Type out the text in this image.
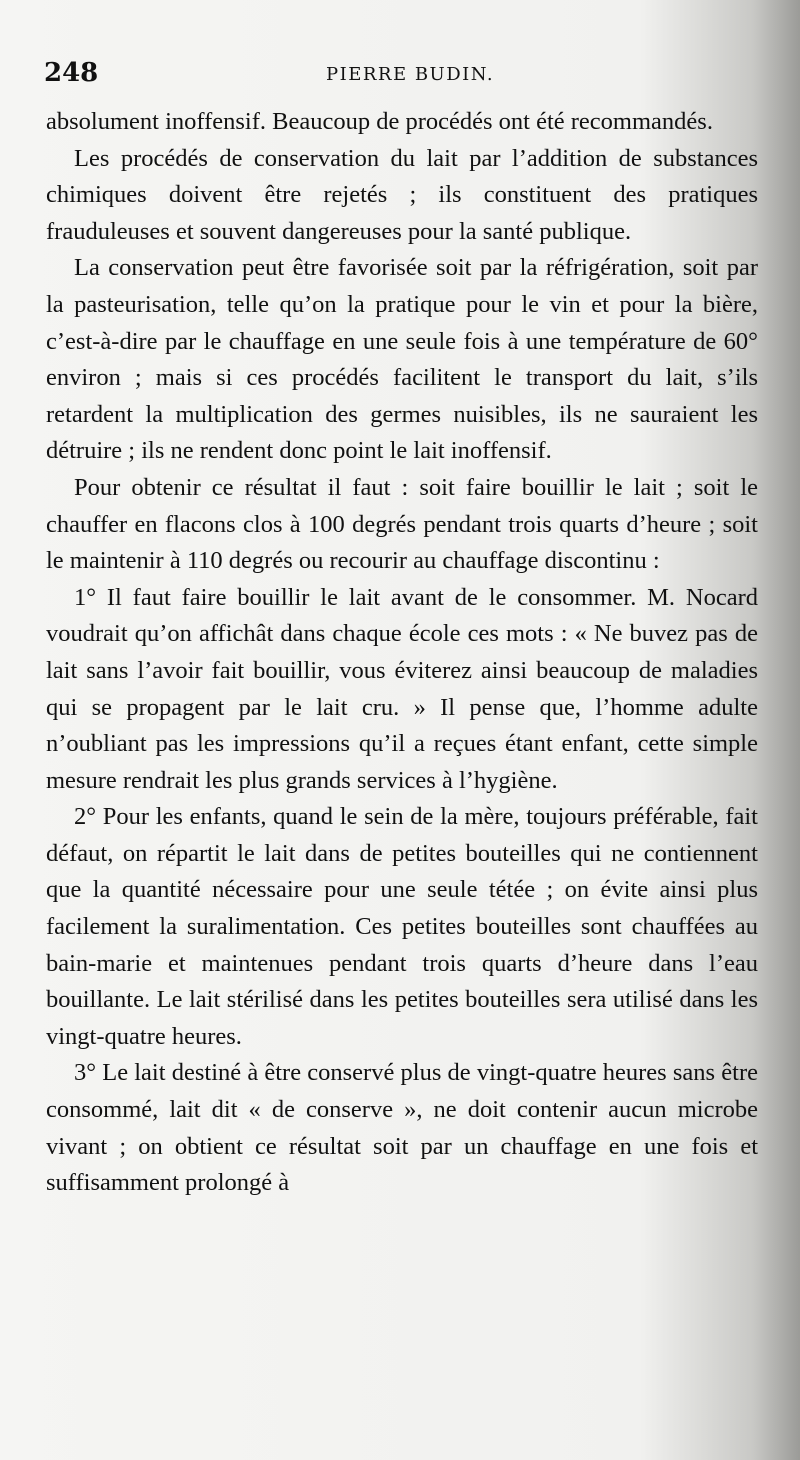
248	PIERRE BUDIN.

absolument inoffensif. Beaucoup de procédés ont été recommandés.

Les procédés de conservation du lait par l’addition de substances chimiques doivent être rejetés ; ils constituent des pratiques frauduleuses et souvent dangereuses pour la santé publique.

La conservation peut être favorisée soit par la réfrigération, soit par la pasteurisation, telle qu’on la pratique pour le vin et pour la bière, c’est-à-dire par le chauffage en une seule fois à une température de 60° environ ; mais si ces procédés facilitent le transport du lait, s’ils retardent la multiplication des germes nuisibles, ils ne sauraient les détruire ; ils ne rendent donc point le lait inoffensif.

Pour obtenir ce résultat il faut : soit faire bouillir le lait ; soit le chauffer en flacons clos à 100 degrés pendant trois quarts d’heure ; soit le maintenir à 110 degrés ou recourir au chauffage discontinu :

1° Il faut faire bouillir le lait avant de le consommer. M. Nocard voudrait qu’on affichât dans chaque école ces mots : « Ne buvez pas de lait sans l’avoir fait bouillir, vous éviterez ainsi beaucoup de maladies qui se propagent par le lait cru. » Il pense que, l’homme adulte n’oubliant pas les impressions qu’il a reçues étant enfant, cette simple mesure rendrait les plus grands services à l’hygiène.

2° Pour les enfants, quand le sein de la mère, toujours préférable, fait défaut, on répartit le lait dans de petites bouteilles qui ne contiennent que la quantité nécessaire pour une seule tétée ; on évite ainsi plus facilement la suralimentation. Ces petites bouteilles sont chauffées au bain-marie et maintenues pendant trois quarts d’heure dans l’eau bouillante. Le lait stérilisé dans les petites bouteilles sera utilisé dans les vingt-quatre heures.

3° Le lait destiné à être conservé plus de vingt-quatre heures sans être consommé, lait dit « de conserve », ne doit contenir aucun microbe vivant ; on obtient ce résultat soit par un chauffage en une fois et suffisamment prolongé à
